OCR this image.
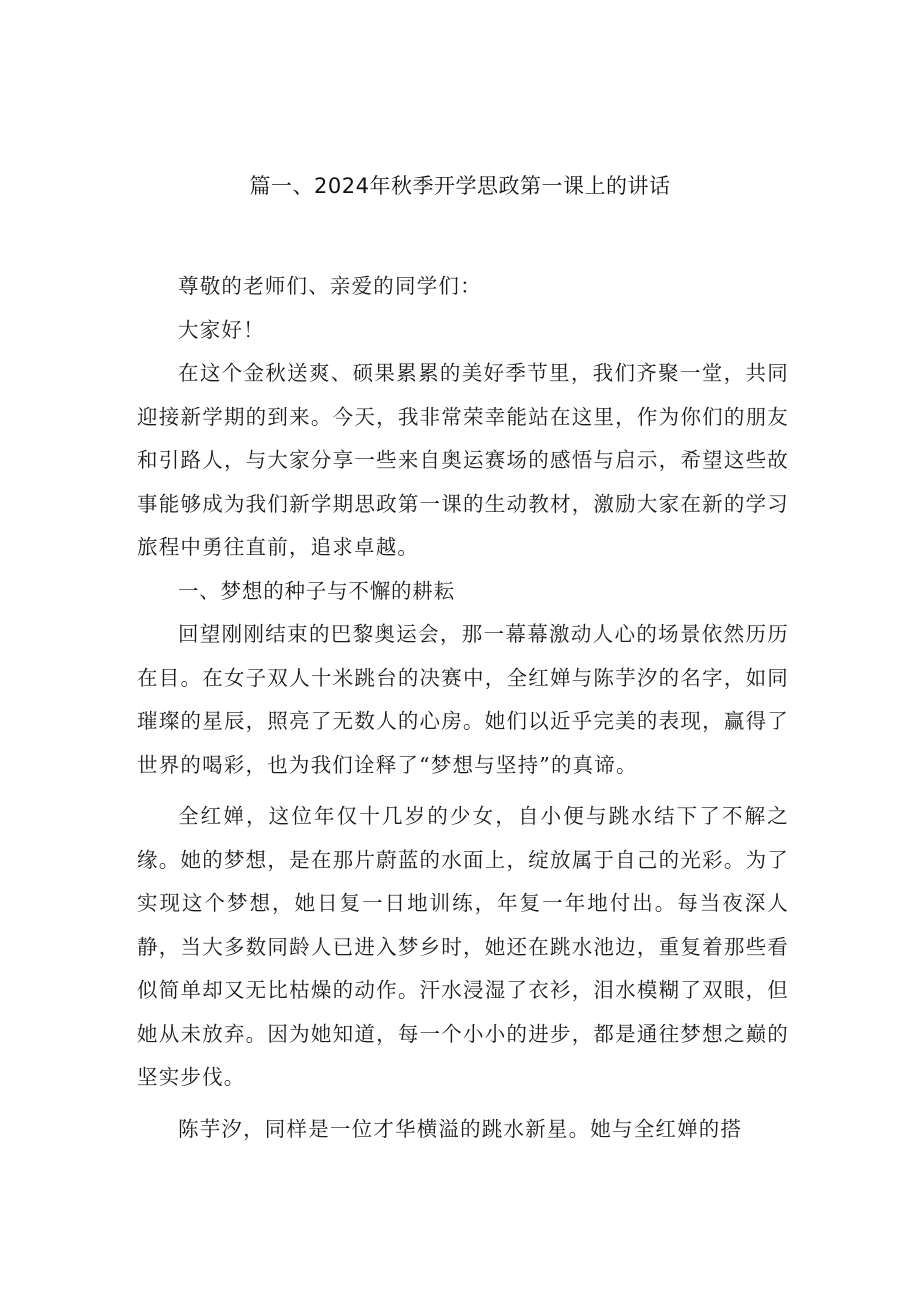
篇一、2024年秋季开学思政第一课上的讲话

尊敬的老师们、亲爱的同学们：

大家好！

在这个金秋送爽、硕果累累的美好季节里，我们齐聚一堂，共同迎接新学期的到来。今天，我非常荣幸能站在这里，作为你们的朋友和引路人，与大家分享一些来自奥运赛场的感悟与启示，希望这些故事能够成为我们新学期思政第一课的生动教材，激励大家在新的学习旅程中勇往直前，追求卓越。

一、梦想的种子与不懈的耕耘

回望刚刚结束的巴黎奥运会，那一幕幕激动人心的场景依然历历在目。在女子双人十米跳台的决赛中，全红婵与陈芋汐的名字，如同璀璨的星辰，照亮了无数人的心房。她们以近乎完美的表现，赢得了世界的喝彩，也为我们诠释了“梦想与坚持”的真谛。

全红婵，这位年仅十几岁的少女，自小便与跳水结下了不解之缘。她的梦想，是在那片蔚蓝的水面上，绽放属于自己的光彩。为了实现这个梦想，她日复一日地训练，年复一年地付出。每当夜深人静，当大多数同龄人已进入梦乡时，她还在跳水池边，重复着那些看似简单却又无比枯燥的动作。汗水浸湿了衣衫，泪水模糊了双眼，但她从未放弃。因为她知道，每一个小小的进步，都是通往梦想之巅的坚实步伐。

陈芋汐，同样是一位才华横溢的跳水新星。她与全红婵的搭
